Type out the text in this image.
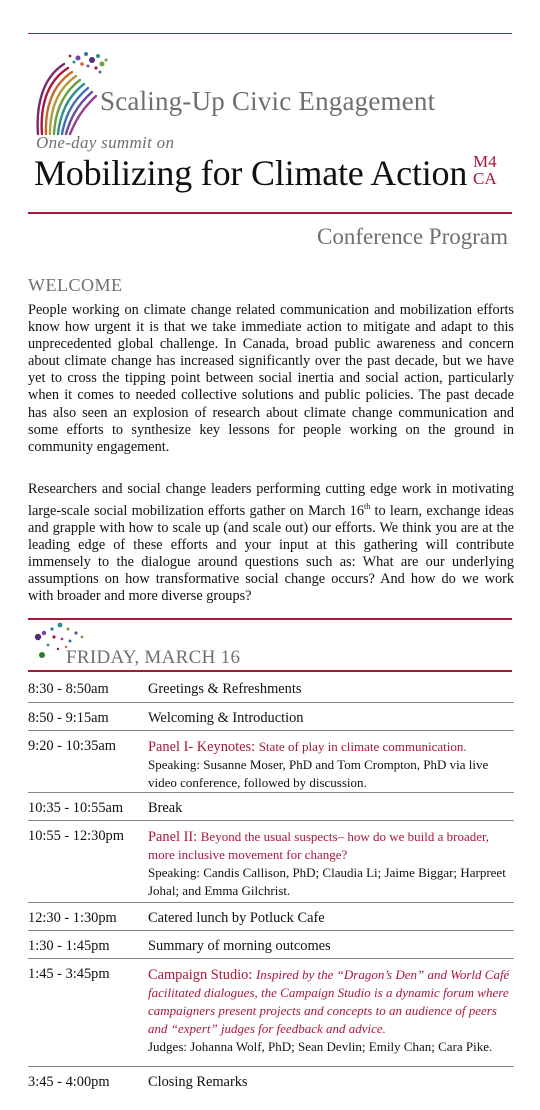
Scaling-Up Civic Engagement
One-day summit on
Mobilizing for Climate Action M4
CA
Conference Program
WELCOME
People working on climate change related communication and mobilization efforts know how urgent it is that we take immediate action to mitigate and adapt to this unprecedented global challenge. In Canada, broad public awareness and concern about climate change has increased significantly over the past decade, but we have yet to cross the tipping point between social inertia and social action, particularly when it comes to needed collective solutions and public policies. The past decade has also seen an explosion of research about climate change communication and some efforts to synthesize key lessons for people working on the ground in community engagement.
Researchers and social change leaders performing cutting edge work in motivating large-scale social mobilization efforts gather on March 16th to learn, exchange ideas and grapple with how to scale up (and scale out) our efforts. We think you are at the leading edge of these efforts and your input at this gathering will contribute immensely to the dialogue around questions such as: What are our underlying assumptions on how transformative social change occurs? And how do we work with broader and more diverse groups?
FRIDAY, MARCH 16
8:30 - 8:50am	Greetings & Refreshments
8:50 - 9:15am	Welcoming & Introduction
9:20 - 10:35am Panel I- Keynotes: State of play in climate communication.
Speaking: Susanne Moser, PhD and Tom Crompton, PhD via live video conference, followed by discussion.
10:35 - 10:55am Break
10:55 - 12:30pm Panel II: Beyond the usual suspects– how do we build a broader, more inclusive movement for change?
Speaking: Candis Callison, PhD; Claudia Li; Jaime Biggar; Harpreet Johal; and Emma Gilchrist.
12:30 - 1:30pm Catered lunch by Potluck Cafe
1:30 - 1:45pm	Summary of morning outcomes
1:45 - 3:45pm	Campaign Studio: Inspired by the “Dragon’s Den” and World Café facilitated dialogues, the Campaign Studio is a dynamic forum where campaigners present projects and concepts to an audience of peers and “expert” judges for feedback and advice.
Judges: Johanna Wolf, PhD; Sean Devlin; Emily Chan; Cara Pike.
3:45 - 4:00pm	Closing Remarks
